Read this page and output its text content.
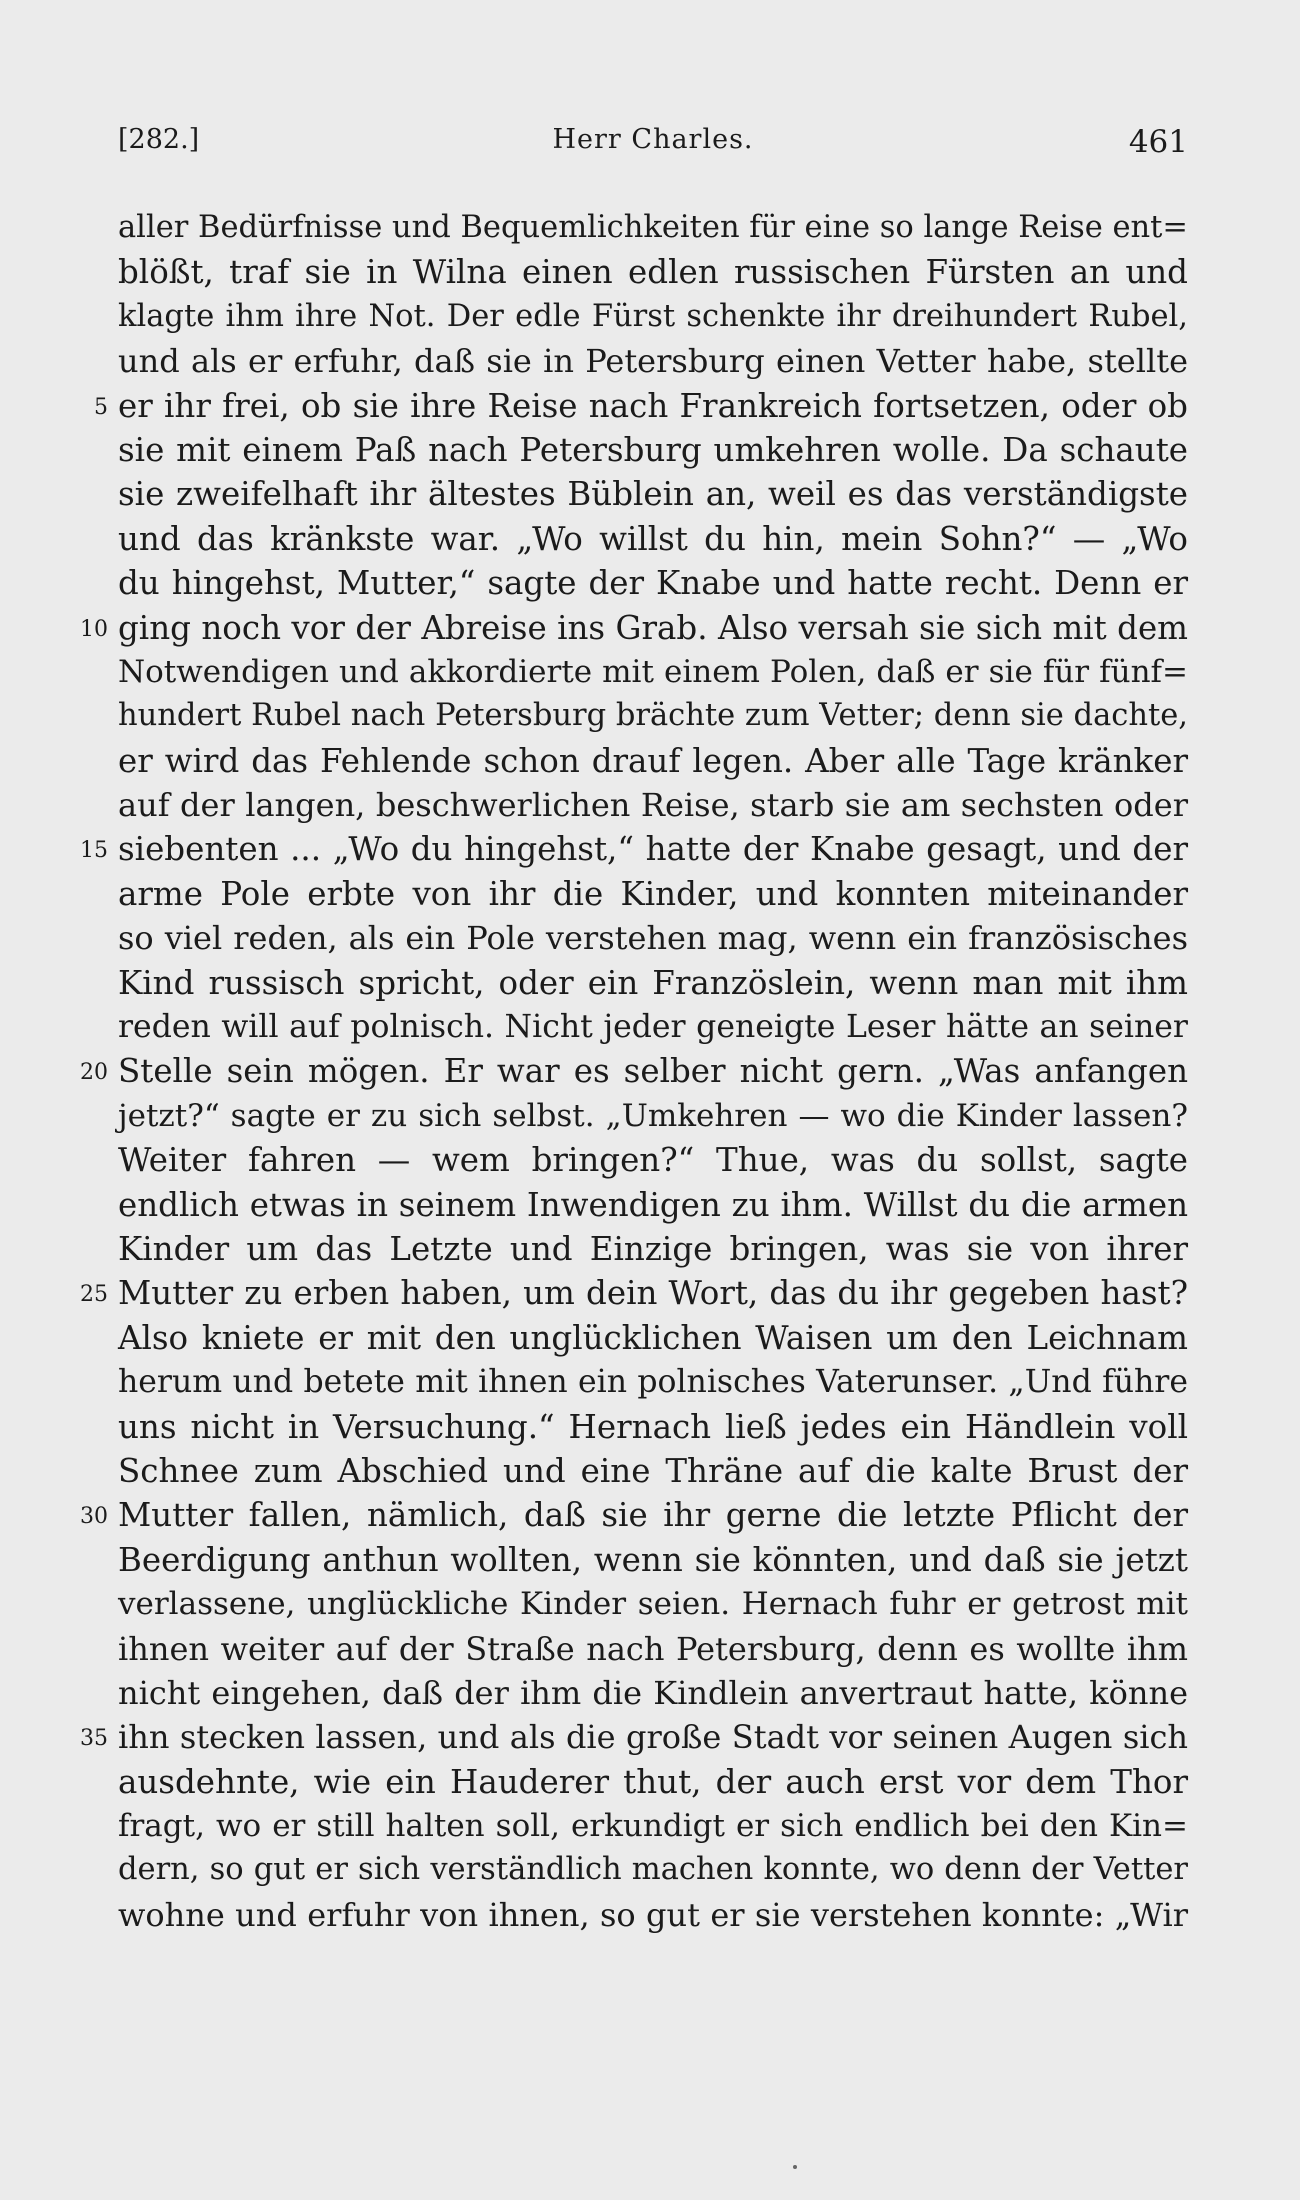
[282.]	Herr Charles.	461
aller Bedürfnisse und Bequemlichkeiten für eine so lange Reise ent=
blößt, traf sie in Wilna einen edlen russischen Fürsten an und
klagte ihm ihre Not. Der edle Fürst schenkte ihr dreihundert Rubel,
und als er erfuhr, daß sie in Petersburg einen Vetter habe, stellte
5 er ihr frei, ob sie ihre Reise nach Frankreich fortsetzen, oder ob
sie mit einem Paß nach Petersburg umkehren wolle. Da schaute
sie zweifelhaft ihr ältestes Büblein an, weil es das verständigste
und das kränkste war. „Wo willst du hin, mein Sohn?“ — „Wo
du hingehst, Mutter,“ sagte der Knabe und hatte recht. Denn er
10 ging noch vor der Abreise ins Grab. Also versah sie sich mit dem
Notwendigen und akkordierte mit einem Polen, daß er sie für fünf=
hundert Rubel nach Petersburg brächte zum Vetter; denn sie dachte,
er wird das Fehlende schon drauf legen. Aber alle Tage kränker
auf der langen, beschwerlichen Reise, starb sie am sechsten oder
15 siebenten ... „Wo du hingehst,“ hatte der Knabe gesagt, und der
arme Pole erbte von ihr die Kinder, und konnten miteinander
so viel reden, als ein Pole verstehen mag, wenn ein französisches
Kind russisch spricht, oder ein Französlein, wenn man mit ihm
reden will auf polnisch. Nicht jeder geneigte Leser hätte an seiner
20 Stelle sein mögen. Er war es selber nicht gern. „Was anfangen
jetzt?“ sagte er zu sich selbst. „Umkehren — wo die Kinder lassen?
Weiter fahren — wem bringen?“ Thue, was du sollst, sagte
endlich etwas in seinem Inwendigen zu ihm. Willst du die armen
Kinder um das Letzte und Einzige bringen, was sie von ihrer
25 Mutter zu erben haben, um dein Wort, das du ihr gegeben hast?
Also kniete er mit den unglücklichen Waisen um den Leichnam
herum und betete mit ihnen ein polnisches Vaterunser. „Und führe
uns nicht in Versuchung.“ Hernach ließ jedes ein Händlein voll
Schnee zum Abschied und eine Thräne auf die kalte Brust der
30 Mutter fallen, nämlich, daß sie ihr gerne die letzte Pflicht der
Beerdigung anthun wollten, wenn sie könnten, und daß sie jetzt
verlassene, unglückliche Kinder seien. Hernach fuhr er getrost mit
ihnen weiter auf der Straße nach Petersburg, denn es wollte ihm
nicht eingehen, daß der ihm die Kindlein anvertraut hatte, könne
35 ihn stecken lassen, und als die große Stadt vor seinen Augen sich
ausdehnte, wie ein Hauderer thut, der auch erst vor dem Thor
fragt, wo er still halten soll, erkundigt er sich endlich bei den Kin=
dern, so gut er sich verständlich machen konnte, wo denn der Vetter
wohne und erfuhr von ihnen, so gut er sie verstehen konnte: „Wir
